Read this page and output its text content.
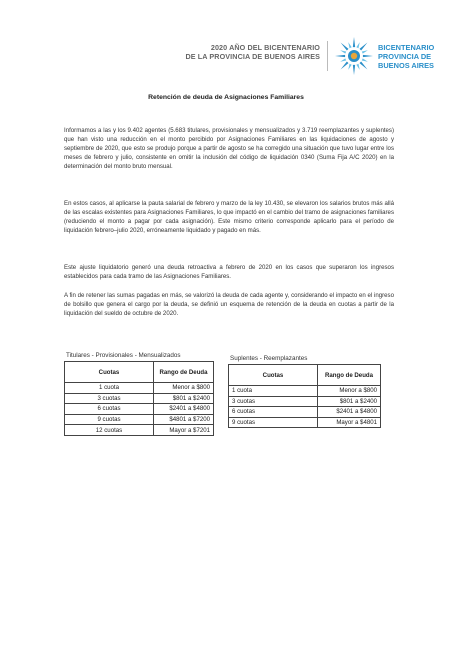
2020 AÑO DEL BICENTENARIO
DE LA PROVINCIA DE BUENOS AIRES
BICENTENARIO
PROVINCIA DE
BUENOS AIRES
Retención de deuda de Asignaciones Familiares
Informamos a las y los 9.402 agentes (5.683 titulares, provisionales y mensualizados y 3.719 reemplazantes y suplentes) que han visto una reducción en el monto percibido por Asignaciones Familiares en las liquidaciones de agosto y septiembre de 2020, que esto se produjo porque a partir de agosto se ha corregido una situación que tuvo lugar entre los meses de febrero y julio, consistente en omitir la inclusión del código de liquidación 0340 (Suma Fija A/C 2020) en la determinación del monto bruto mensual.
En estos casos, al aplicarse la pauta salarial de febrero y marzo de la ley 10.430, se elevaron los salarios brutos más allá de las escalas existentes para Asignaciones Familiares, lo que impactó en el cambio del tramo de asignaciones familiares (reduciendo el monto a pagar por cada asignación). Este mismo criterio corresponde aplicarlo para el período de liquidación febrero–julio 2020, erróneamente liquidado y pagado en más.
Este ajuste liquidatorio generó una deuda retroactiva a febrero de 2020 en los casos que superaron los ingresos establecidos para cada tramo de las Asignaciones Familiares.
A fin de retener las sumas pagadas en más, se valorizó la deuda de cada agente y, considerando el impacto en el ingreso de bolsillo que genera el cargo por la deuda, se definió un esquema de retención de la deuda en cuotas a partir de la liquidación del sueldo de octubre de 2020.
Titulares - Provisionales - Mensualizados
Cuotas	Rango de Deuda
1 cuota	Menor a $800
3 cuotas	$801 a $2400
6 cuotas	$2401 a $4800
9 cuotas	$4801 a $7200
12 cuotas	Mayor a $7201
Suplentes - Reemplazantes
Cuotas	Rango de Deuda
1 cuota	Menor a $800
3 cuotas	$801 a $2400
6 cuotas	$2401 a $4800
9 cuotas	Mayor a $4801
